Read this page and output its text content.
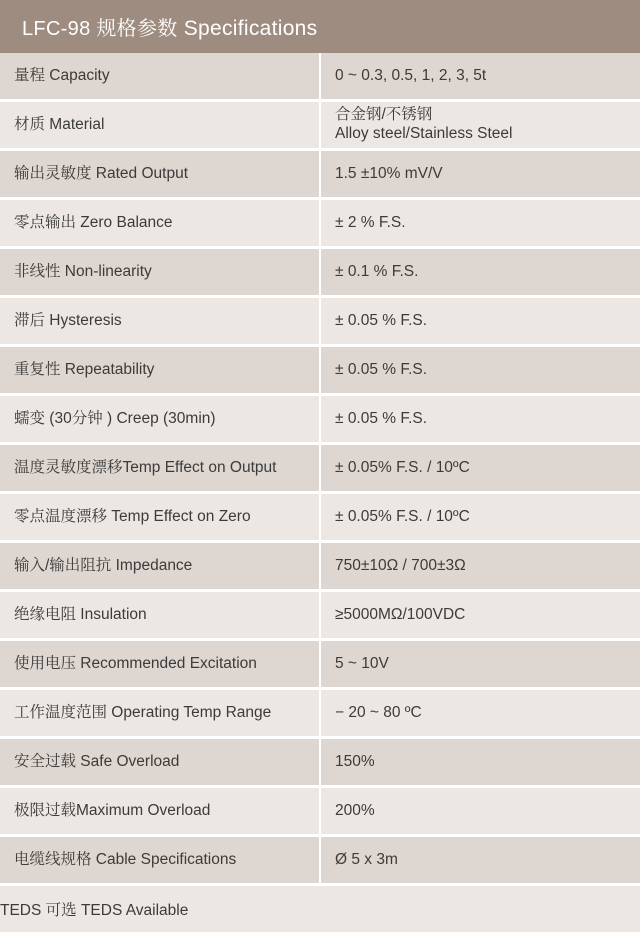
LFC-98 规格参数 Specifications	
量程 Capacity	0 ~ 0.3, 0.5, 1, 2, 3, 5t

材质 Material	合金钢/不锈钢
Alloy steel/Stainless Steel

输出灵敏度 Rated Output	1.5 ±10% mV/V

零点输出 Zero Balance	± 2 % F.S.

非线性 Non-linearity	± 0.1 % F.S.

滞后 Hysteresis	± 0.05 % F.S.

重复性 Repeatability	± 0.05 % F.S.

蠕变 (30分钟 ) Creep (30min)	± 0.05 % F.S.

温度灵敏度漂移Temp Effect on Output	± 0.05% F.S. / 10ºC

零点温度漂移 Temp Effect on Zero	± 0.05% F.S. / 10ºC

输入/输出阻抗 Impedance	750±10Ω / 700±3Ω

绝缘电阻 Insulation	≥5000MΩ/100VDC

使用电压 Recommended Excitation	5 ~ 10V

工作温度范围 Operating Temp Range	− 20 ~ 80 ºC

安全过载 Safe Overload	150%

极限过载Maximum Overload	200%

电缆线规格 Cable Specifications	Ø 5 x 3m

TEDS 可选 TEDS Available	
